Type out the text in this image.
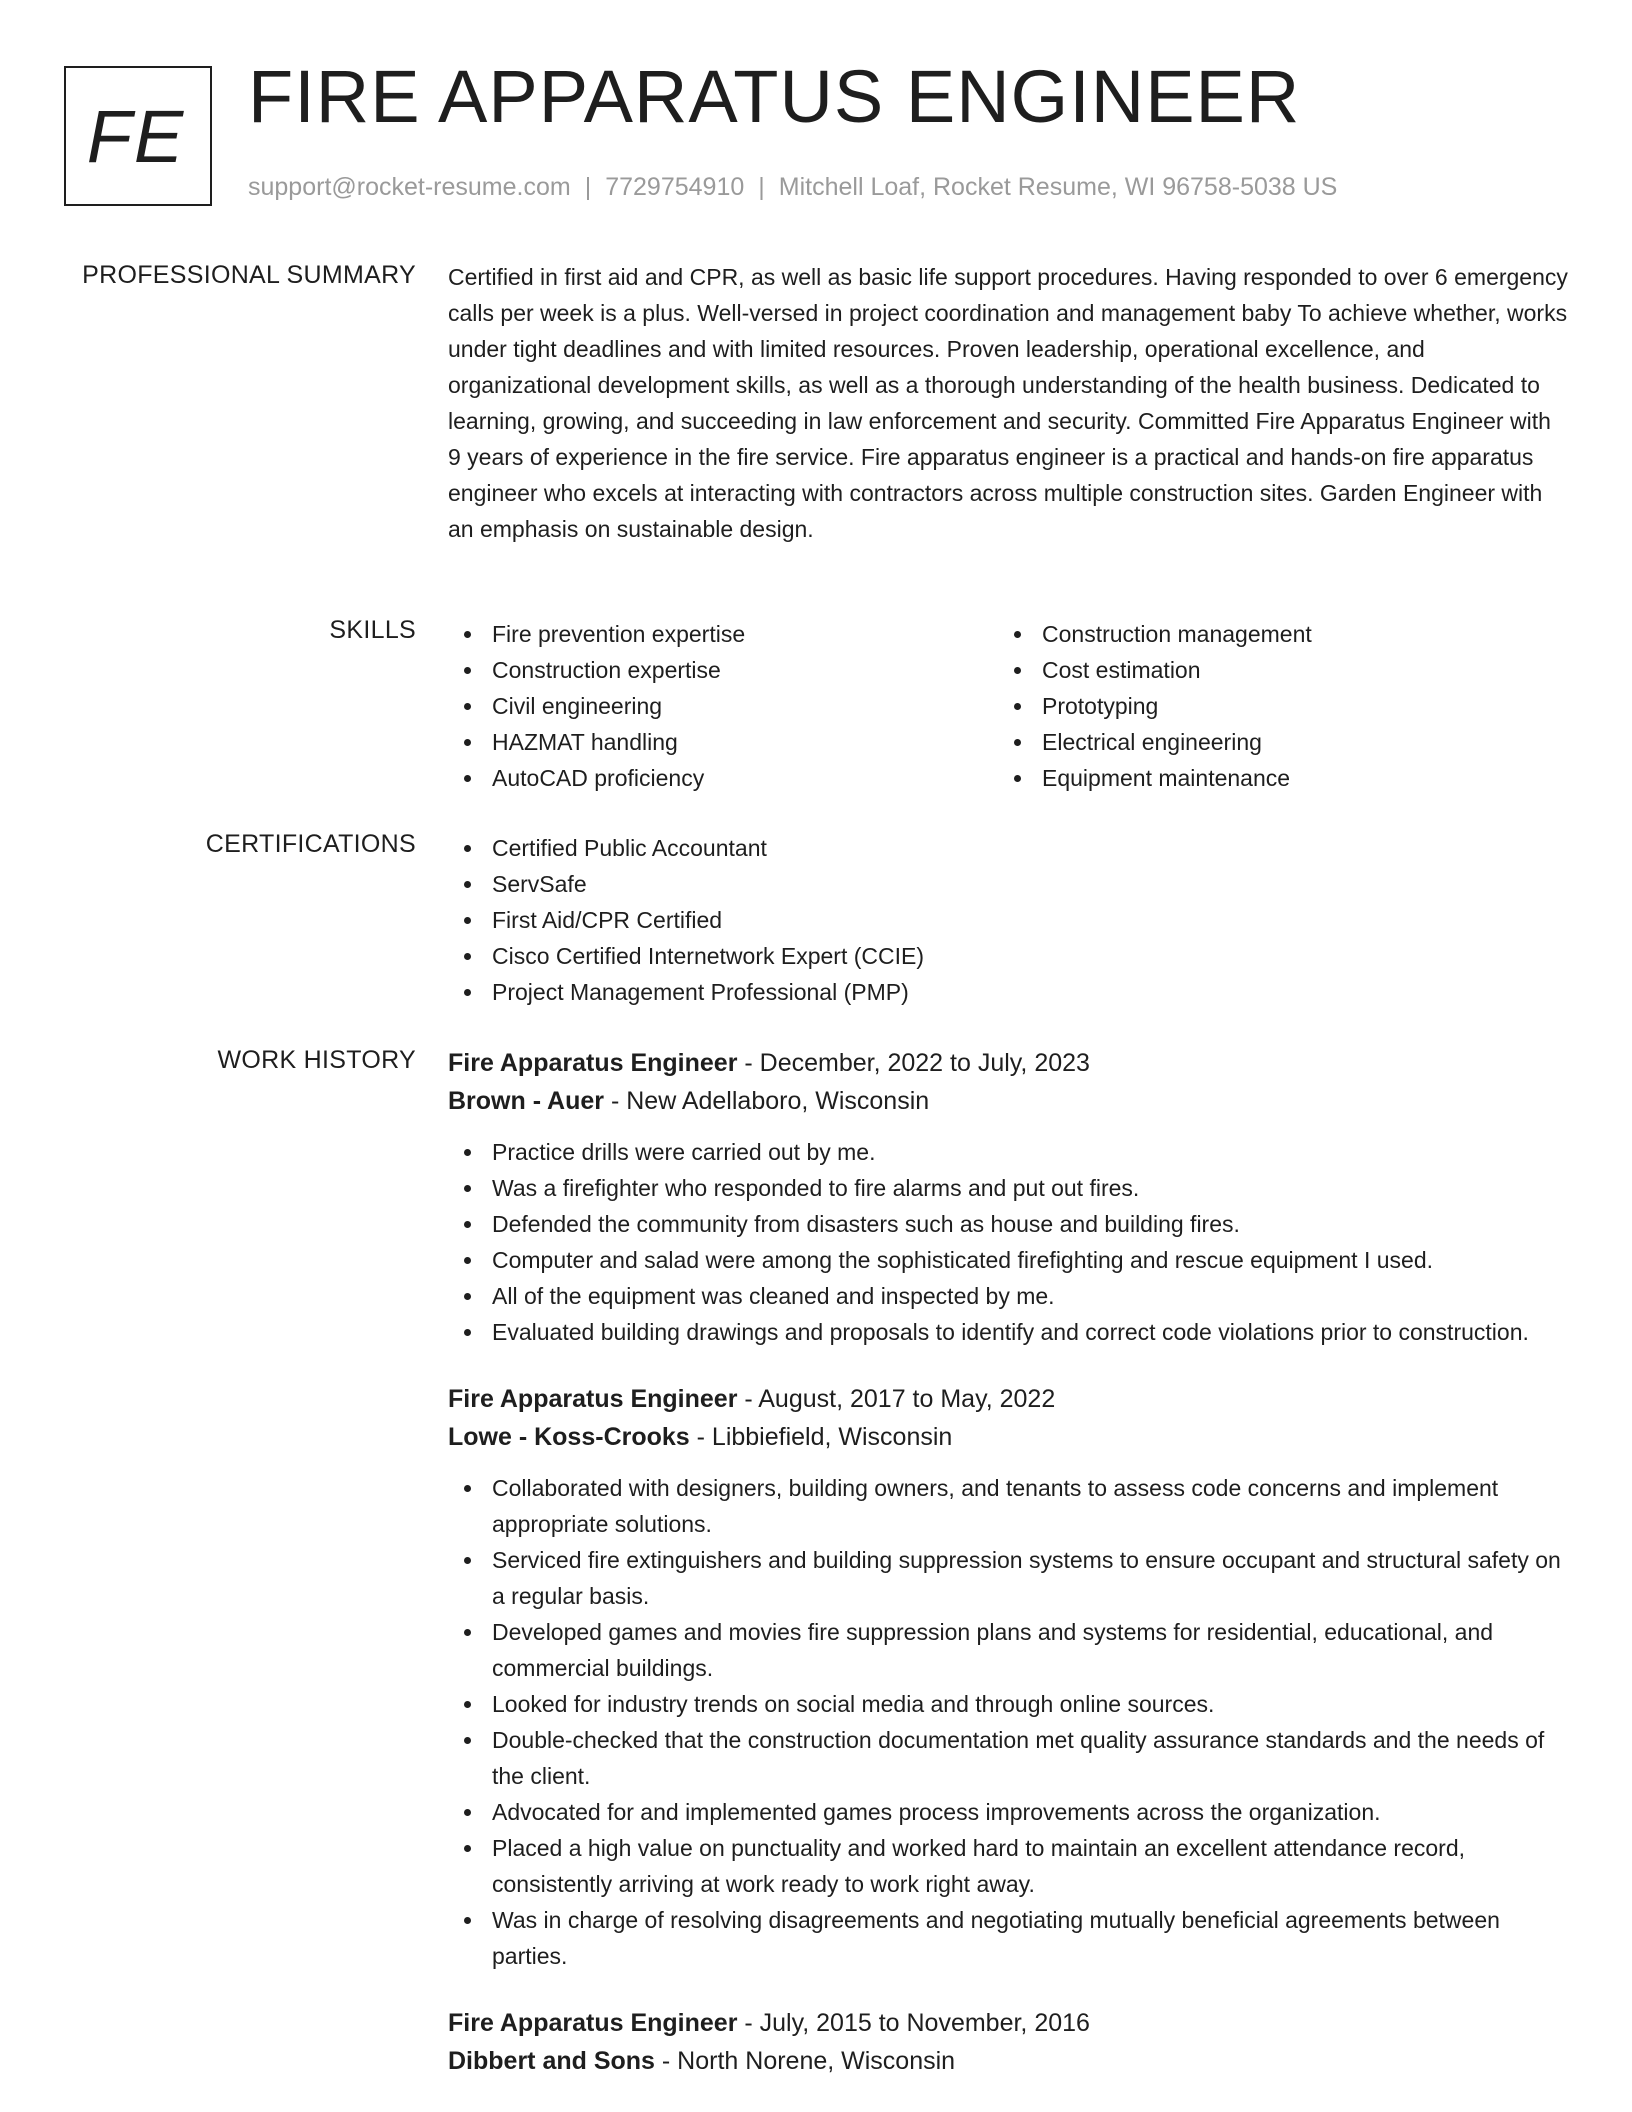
FE FIRE APPARATUS ENGINEER
support@rocket-resume.com | 7729754910 | Mitchell Loaf, Rocket Resume, WI 96758-5038 US
PROFESSIONAL SUMMARY Certified in first aid and CPR, as well as basic life support procedures. Having responded to over 6 emergency calls per week is a plus. Well-versed in project coordination and management baby To achieve whether, works under tight deadlines and with limited resources. Proven leadership, operational excellence, and organizational development skills, as well as a thorough understanding of the health business. Dedicated to learning, growing, and succeeding in law enforcement and security. Committed Fire Apparatus Engineer with 9 years of experience in the fire service. Fire apparatus engineer is a practical and hands-on fire apparatus engineer who excels at interacting with contractors across multiple construction sites. Garden Engineer with an emphasis on sustainable design.

SKILLS	Fire prevention expertise
Construction expertise
Civil engineering
HAZMAT handling
AutoCAD proficiency
Construction management
Cost estimation
Prototyping
Electrical engineering
Equipment maintenance
CERTIFICATIONS	Certified Public Accountant
ServSafe
First Aid/CPR Certified
Cisco Certified Internetwork Expert (CCIE)
Project Management Professional (PMP)
WORK HISTORY Fire Apparatus Engineer - December, 2022 to July, 2023
Brown - Auer - New Adellaboro, Wisconsin
Practice drills were carried out by me.
Was a firefighter who responded to fire alarms and put out fires.
Defended the community from disasters such as house and building fires.
Computer and salad were among the sophisticated firefighting and rescue equipment I used.
All of the equipment was cleaned and inspected by me.
Evaluated building drawings and proposals to identify and correct code violations prior to construction.
Fire Apparatus Engineer - August, 2017 to May, 2022
Lowe - Koss-Crooks - Libbiefield, Wisconsin
Collaborated with designers, building owners, and tenants to assess code concerns and implement appropriate solutions.
Serviced fire extinguishers and building suppression systems to ensure occupant and structural safety on a regular basis.
Developed games and movies fire suppression plans and systems for residential, educational, and commercial buildings.
Looked for industry trends on social media and through online sources.
Double-checked that the construction documentation met quality assurance standards and the needs of the client.
Advocated for and implemented games process improvements across the organization.
Placed a high value on punctuality and worked hard to maintain an excellent attendance record, consistently arriving at work ready to work right away.
Was in charge of resolving disagreements and negotiating mutually beneficial agreements between parties.
Fire Apparatus Engineer - July, 2015 to November, 2016
Dibbert and Sons - North Norene, Wisconsin
